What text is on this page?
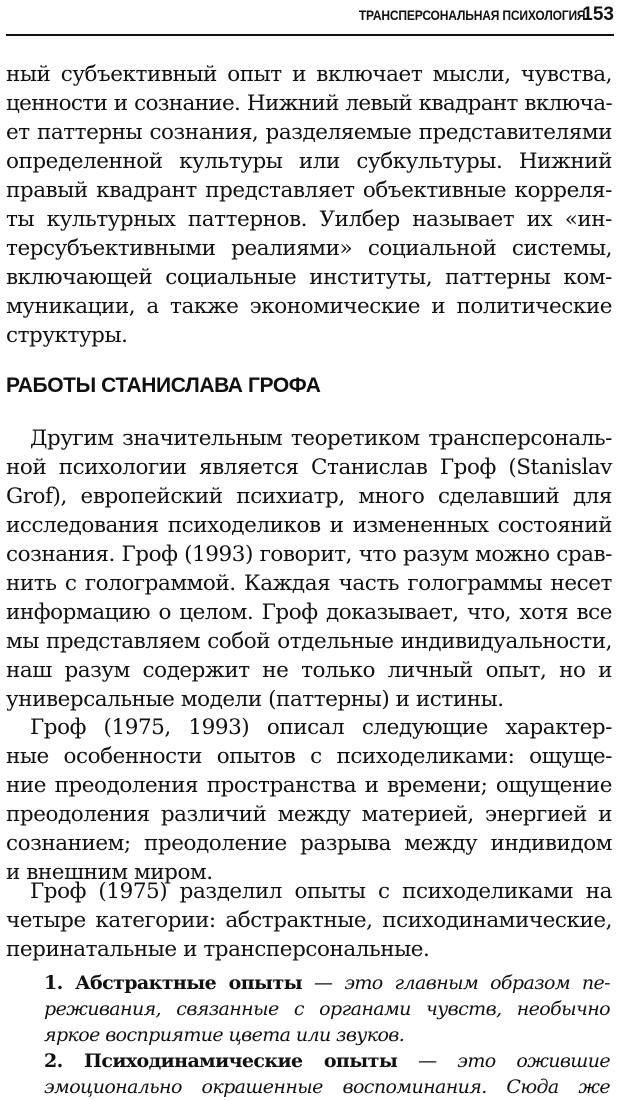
ТРАНСПЕРСОНАЛЬНАЯ ПСИХОЛОГИЯ 153
ный субъективный опыт и включает мысли, чувства,
ценности и сознание. Нижний левый квадрант включа-
ет паттерны сознания, разделяемые представителями
определенной культуры или субкультуры. Нижний
правый квадрант представляет объективные корреля-
ты культурных паттернов. Уилбер называет их «ин-
терсубъективными реалиями» социальной системы,
включающей социальные институты, паттерны ком-
муникации, а также экономические и политические
структуры.
РАБОТЫ СТАНИСЛАВА ГРОФА
Другим значительным теоретиком трансперсональ-
ной психологии является Станислав Гроф (Stanislav
Grof), европейский психиатр, много сделавший для
исследования психоделиков и измененных состояний
сознания. Гроф (1993) говорит, что разум можно срав-
нить с голограммой. Каждая часть голограммы несет
информацию о целом. Гроф доказывает, что, хотя все
мы представляем собой отдельные индивидуальности,
наш разум содержит не только личный опыт, но и
универсальные модели (паттерны) и истины.
Гроф (1975, 1993) описал следующие характер-
ные особенности опытов с психоделиками: ощуще-
ние преодоления пространства и времени; ощущение
преодоления различий между материей, энергией и
сознанием; преодоление разрыва между индивидом
и внешним миром.
Гроф (1975) разделил опыты с психоделиками на
четыре категории: абстрактные, психодинамические,
перинатальные и трансперсональные.
1. Абстрактные опыты — это главным образом пе-
реживания, связанные с органами чувств, необычно
яркое восприятие цвета или звуков.
2. Психодинамические опыты — это ожившие
эмоционально окрашенные воспоминания. Сюда же
